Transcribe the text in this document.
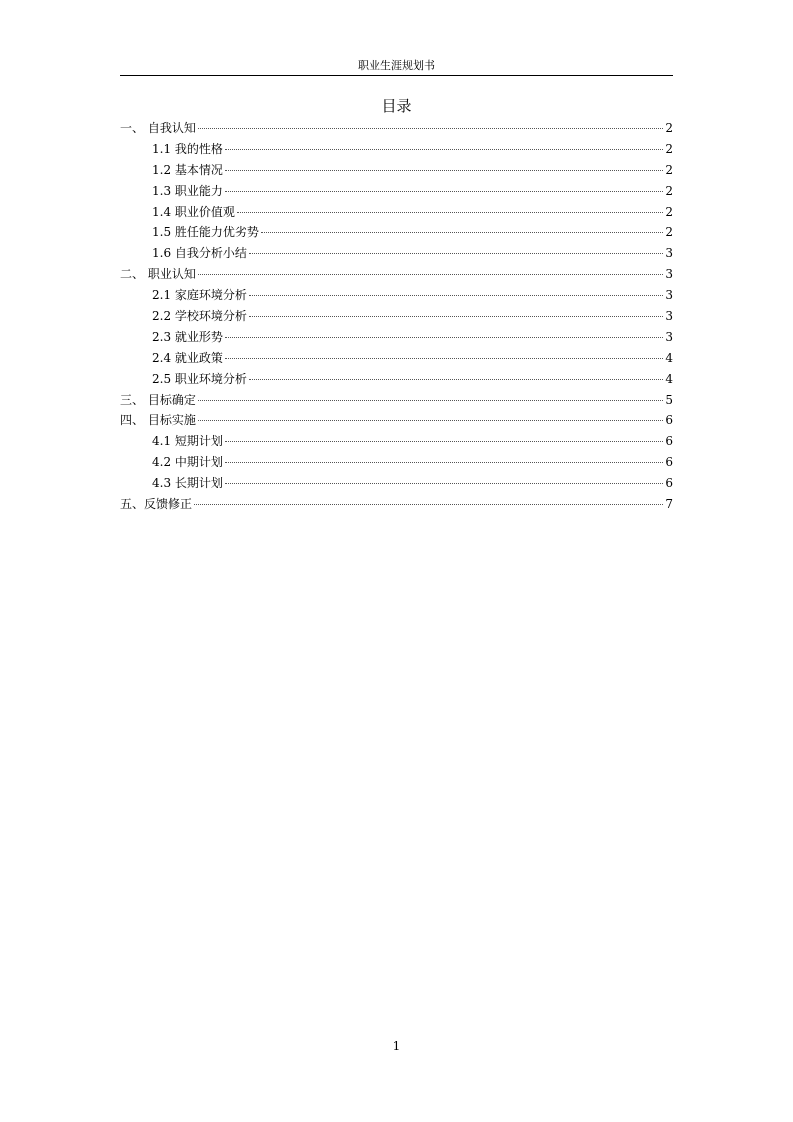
职业生涯规划书
目录
一、 自我认知	2
1.1 我的性格	2
1.2 基本情况	2
1.3 职业能力	2
1.4 职业价值观	2
1.5 胜任能力优劣势	2
1.6 自我分析小结	3
二、 职业认知	3
2.1 家庭环境分析	3
2.2 学校环境分析	3
2.3 就业形势	3
2.4 就业政策	4
2.5 职业环境分析	4
三、 目标确定	5
四、 目标实施	6
4.1 短期计划	6
4.2 中期计划	6
4.3 长期计划	6
五、反馈修正	7
1
